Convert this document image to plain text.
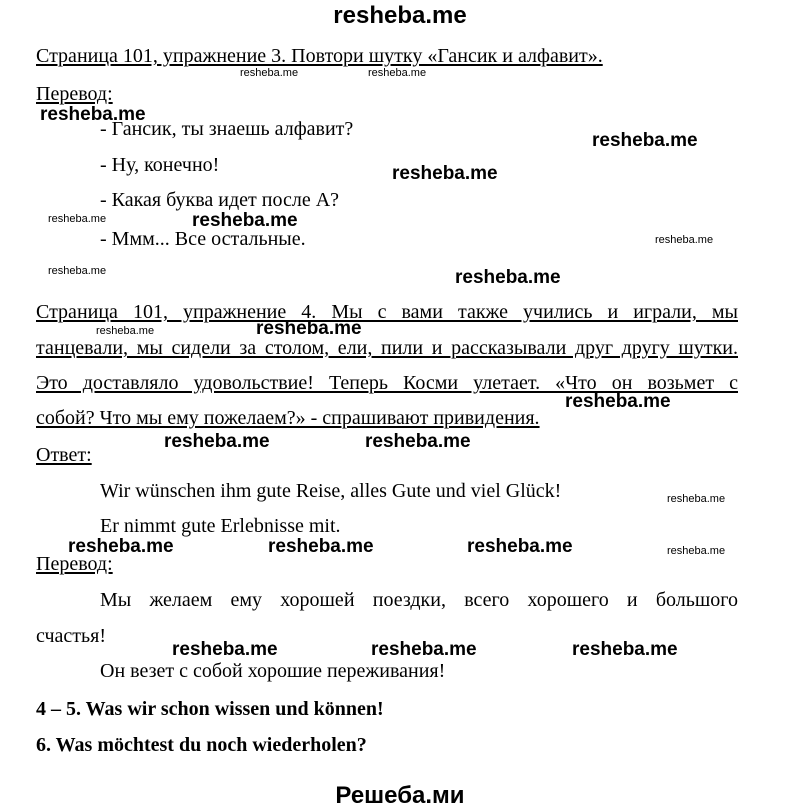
resheba.me
Страница 101, упражнение 3. Повтори шутку «Гансик и алфавит».
Перевод:
- Гансик, ты знаешь алфавит?
- Ну, конечно!
- Какая буква идет после А?
- Ммм... Все остальные.
Страница 101, упражнение 4. Мы с вами также учились и играли, мы
танцевали, мы сидели за столом, ели, пили и рассказывали друг другу шутки.
Это доставляло удовольствие! Теперь Косми улетает. «Что он возьмет с
собой? Что мы ему пожелаем?» - спрашивают привидения.
Ответ:
Wir wünschen ihm gute Reise, alles Gute und viel Glück!
Er nimmt gute Erlebnisse mit.
Перевод:
Мы желаем ему хорошей поездки, всего хорошего и большого
счастья!
Он везет с собой хорошие переживания!
4 – 5. Was wir schon wissen und können!
6. Was möchtest du noch wiederholen?
Решеба.ми
resheba.me
resheba.me
resheba.me
resheba.me
resheba.me
resheba.me
resheba.me
resheba.me	resheba.me
resheba.me	resheba.me	resheba.me
resheba.me	resheba.me	resheba.me
resheba.me	resheba.me
resheba.me
resheba.me
resheba.me
resheba.me
resheba.me
resheba.me
